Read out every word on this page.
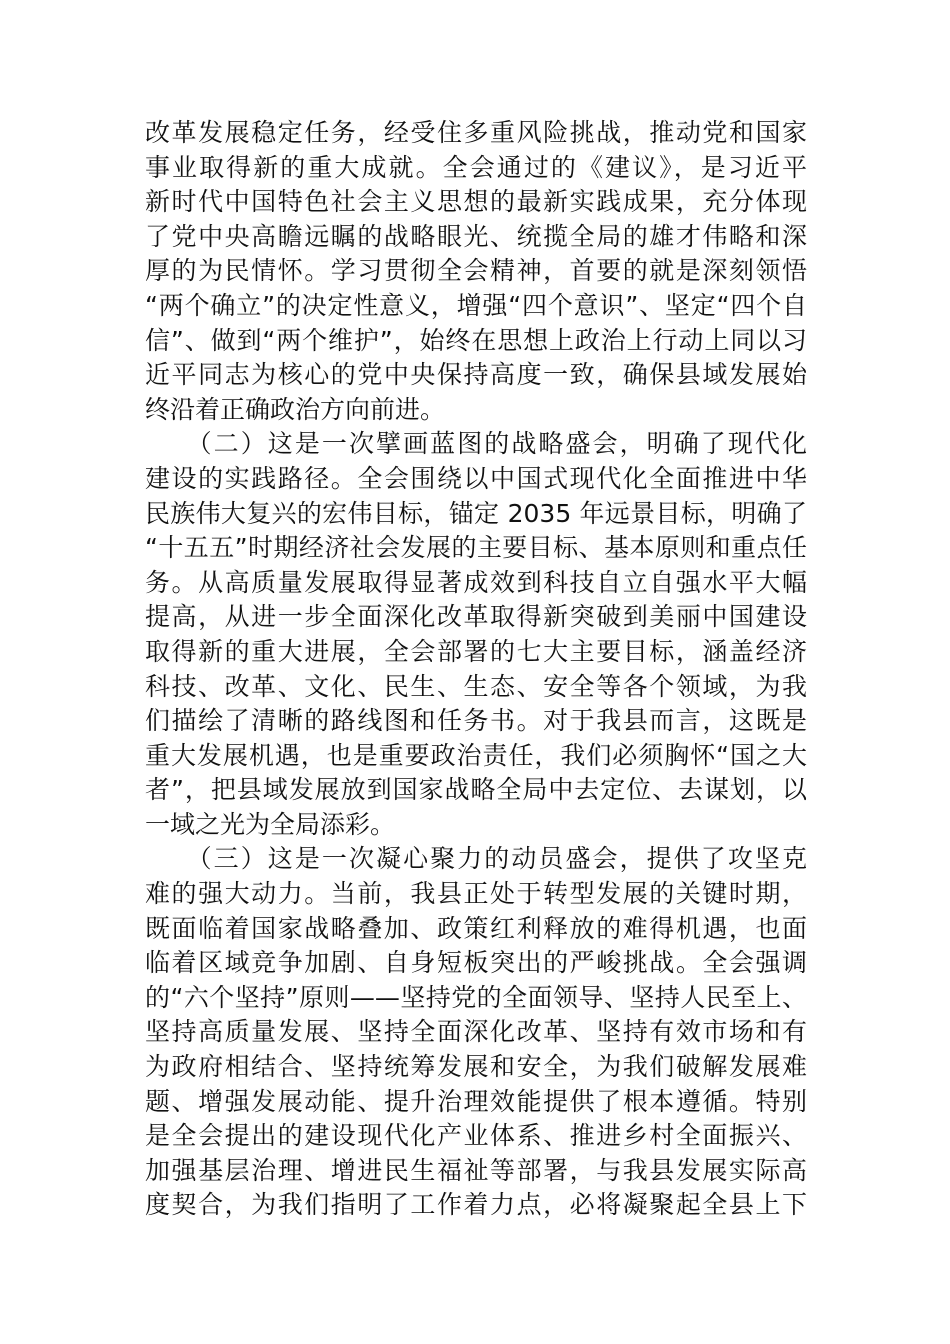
改革发展稳定任务，经受住多重风险挑战，推动党和国家
事业取得新的重大成就。全会通过的《建议》，是习近平
新时代中国特色社会主义思想的最新实践成果，充分体现
了党中央高瞻远瞩的战略眼光、统揽全局的雄才伟略和深
厚的为民情怀。学习贯彻全会精神，首要的就是深刻领悟
“两个确立”的决定性意义，增强“四个意识”、坚定“四个自
信”、做到“两个维护”，始终在思想上政治上行动上同以习
近平同志为核心的党中央保持高度一致，确保县域发展始
终沿着正确政治方向前进。
　　（二）这是一次擘画蓝图的战略盛会，明确了现代化
建设的实践路径。全会围绕以中国式现代化全面推进中华
民族伟大复兴的宏伟目标，锚定 2035 年远景目标，明确了
“十五五”时期经济社会发展的主要目标、基本原则和重点任
务。从高质量发展取得显著成效到科技自立自强水平大幅
提高，从进一步全面深化改革取得新突破到美丽中国建设
取得新的重大进展，全会部署的七大主要目标，涵盖经济
科技、改革、文化、民生、生态、安全等各个领域，为我
们描绘了清晰的路线图和任务书。对于我县而言，这既是
重大发展机遇，也是重要政治责任，我们必须胸怀“国之大
者”，把县域发展放到国家战略全局中去定位、去谋划，以
一域之光为全局添彩。
　　（三）这是一次凝心聚力的动员盛会，提供了攻坚克
难的强大动力。当前，我县正处于转型发展的关键时期，
既面临着国家战略叠加、政策红利释放的难得机遇，也面
临着区域竞争加剧、自身短板突出的严峻挑战。全会强调
的“六个坚持”原则——坚持党的全面领导、坚持人民至上、
坚持高质量发展、坚持全面深化改革、坚持有效市场和有
为政府相结合、坚持统筹发展和安全，为我们破解发展难
题、增强发展动能、提升治理效能提供了根本遵循。特别
是全会提出的建设现代化产业体系、推进乡村全面振兴、
加强基层治理、增进民生福祉等部署，与我县发展实际高
度契合，为我们指明了工作着力点，必将凝聚起全县上下
